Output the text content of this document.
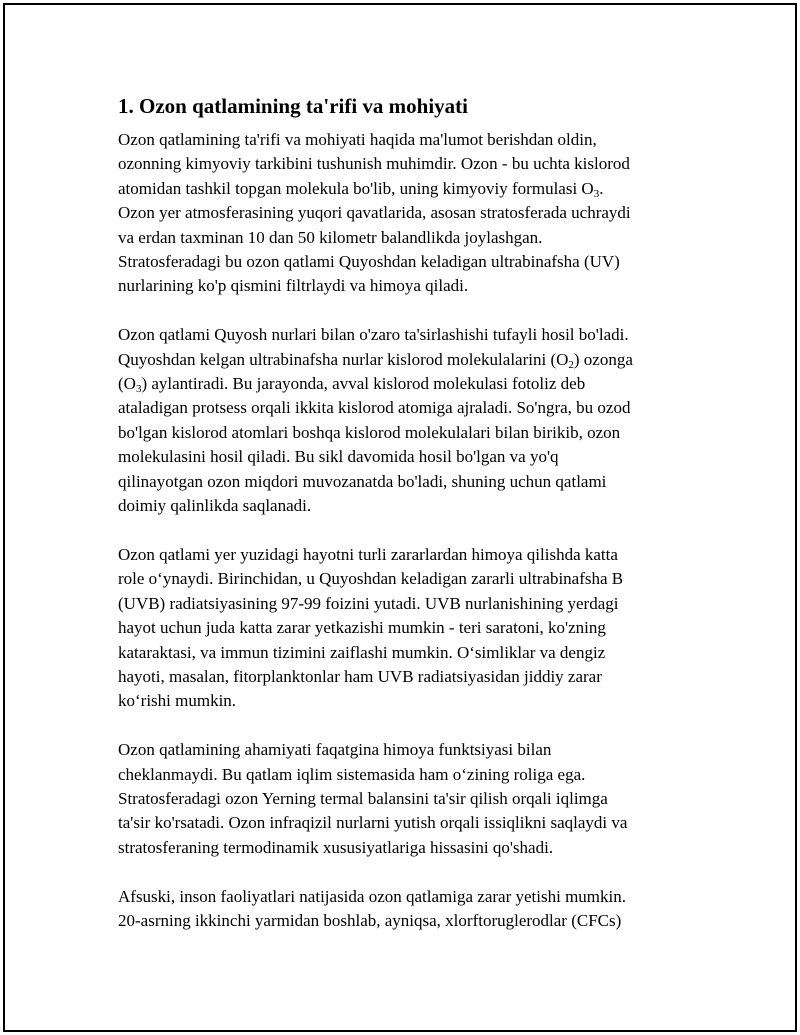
1. Ozon qatlamining ta'rifi va mohiyati

Ozon qatlamining ta'rifi va mohiyati haqida ma'lumot berishdan oldin,
ozonning kimyoviy tarkibini tushunish muhimdir. Ozon - bu uchta kislorod
atomidan tashkil topgan molekula bo'lib, uning kimyoviy formulasi $O_3$.
Ozon yer atmosferasining yuqori qavatlarida, asosan stratosferada uchraydi
va erdan taxminan 10 dan 50 kilometr balandlikda joylashgan.
Stratosferadagi bu ozon qatlami Quyoshdan keladigan ultrabinafsha (UV)
nurlarining ko'p qismini filtrlaydi va himoya qiladi.

Ozon qatlami Quyosh nurlari bilan o'zaro ta'sirlashishi tufayli hosil bo'ladi.
Quyoshdan kelgan ultrabinafsha nurlar kislorod molekulalarini $(O_2)$ ozonga
$(O_3)$ aylantiradi. Bu jarayonda, avval kislorod molekulasi fotoliz deb
ataladigan protsess orqali ikkita kislorod atomiga ajraladi. So'ngra, bu ozod
bo'lgan kislorod atomlari boshqa kislorod molekulalari bilan birikib, ozon
molekulasini hosil qiladi. Bu sikl davomida hosil bo'lgan va yo'q
qilinayotgan ozon miqdori muvozanatda bo'ladi, shuning uchun qatlami
doimiy qalinlikda saqlanadi.

Ozon qatlami yer yuzidagi hayotni turli zararlardan himoya qilishda katta
role o‘ynaydi. Birinchidan, u Quyoshdan keladigan zararli ultrabinafsha B
(UVB) radiatsiyasining 97-99 foizini yutadi. UVB nurlanishining yerdagi
hayot uchun juda katta zarar yetkazishi mumkin - teri saratoni, ko'zning
kataraktasi, va immun tizimini zaiflashi mumkin. O‘simliklar va dengiz
hayoti, masalan, fitorplanktonlar ham UVB radiatsiyasidan jiddiy zarar
ko‘rishi mumkin.

Ozon qatlamining ahamiyati faqatgina himoya funktsiyasi bilan
cheklanmaydi. Bu qatlam iqlim sistemasida ham o‘zining roliga ega.
Stratosferadagi ozon Yerning termal balansini ta'sir qilish orqali iqlimga
ta'sir ko'rsatadi. Ozon infraqizil nurlarni yutish orqali issiqlikni saqlaydi va
stratosferaning termodinamik xususiyatlariga hissasini qo'shadi.

Afsuski, inson faoliyatlari natijasida ozon qatlamiga zarar yetishi mumkin.
20-asrning ikkinchi yarmidan boshlab, ayniqsa, xlorftoruglerodlar (CFCs)
